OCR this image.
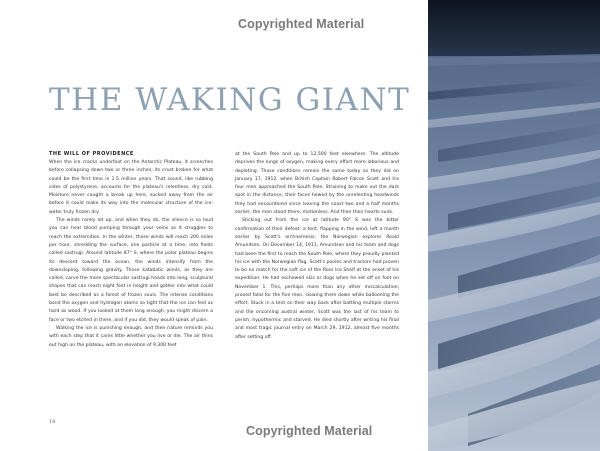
Copyrighted Material
THE WAKING GIANT
THE WILL OF PROVIDENCE

When the ice cracks underfoot on the Antarctic Plateau, it screeches before collapsing down two or three inches, its crust broken for what could be the first time in 1.5 million years. That sound, like rubbing sides of polystyrene, accounts for the plateau's relentless, dry cold. Moisture never caught a break up here, sucked away from the air before it could make its way into the molecular structure of the ice: water truly frozen dry.

The winds rarely let up, and when they do, the silence is so loud you can hear blood pumping through your veins as it struggles to reach the extremities. In the winter, those winds will reach 200 miles per hour, shredding the surface, one particle at a time, into fields called sastrugi. Around latitude 87° S, where the polar plateau begins its descent toward the ocean, the winds intensify from the downsloping, following gravity. Those katabatic winds, as they are called, carve the more spectacular sastrugi heads into long, sculptural shapes that can reach eight feet in height and gather into what could best be described as a forest of frozen souls. The intense conditions bond the oxygen and hydrogen atoms so tight that the ice can feel as hard as wood. If you looked at them long enough, you might discern a face or two etched in there, and if you did, they would speak of pain.

Walking the ice is punishing enough, and then nature reminds you with each step that it cares little whether you live or die. The air thins out high on the plateau, with an elevation of 9,300 feet

at the South Pole and up to 12,500 feet elsewhere. The altitude deprives the lungs of oxygen, making every effort more laborious and depleting. Those conditions remain the same today as they did on January 17, 1912, when British Captain Robert Falcon Scott and his four men approached the South Pole. Straining to make out the dark spot in the distance, their faces hewed by the unrelenting headwinds they had encountered since leaving the coast two and a half months earlier, the men stood there, motionless. And then their hearts sunk.

Sticking out from the ice at latitude 90° S was the bitter confirmation of their defeat: a tent, flapping in the wind, left a month earlier by Scott's archnemesis, the Norwegian explorer Roald Amundsen. On December 14, 1911, Amundsen and his team and dogs had been the first to reach the South Pole, where they proudly planted his ice with the Norwegian flag. Scott's ponies and tractors had proven to be no match for the soft ice of the Ross Ice Shelf at the onset of his expedition. He had eschewed skis or dogs when he set off on foot on November 1. This, perhaps more than any other miscalculation, proved fatal for the five men, slowing them down while ballooning the effort. Stuck in a tent on their way back after battling multiple storms and the oncoming austral winter, Scott was the last of his team to perish, hypothermic and starved. He died shortly after writing his final and most tragic journal entry on March 29, 1912, almost five months after setting off.

14
Copyrighted Material
